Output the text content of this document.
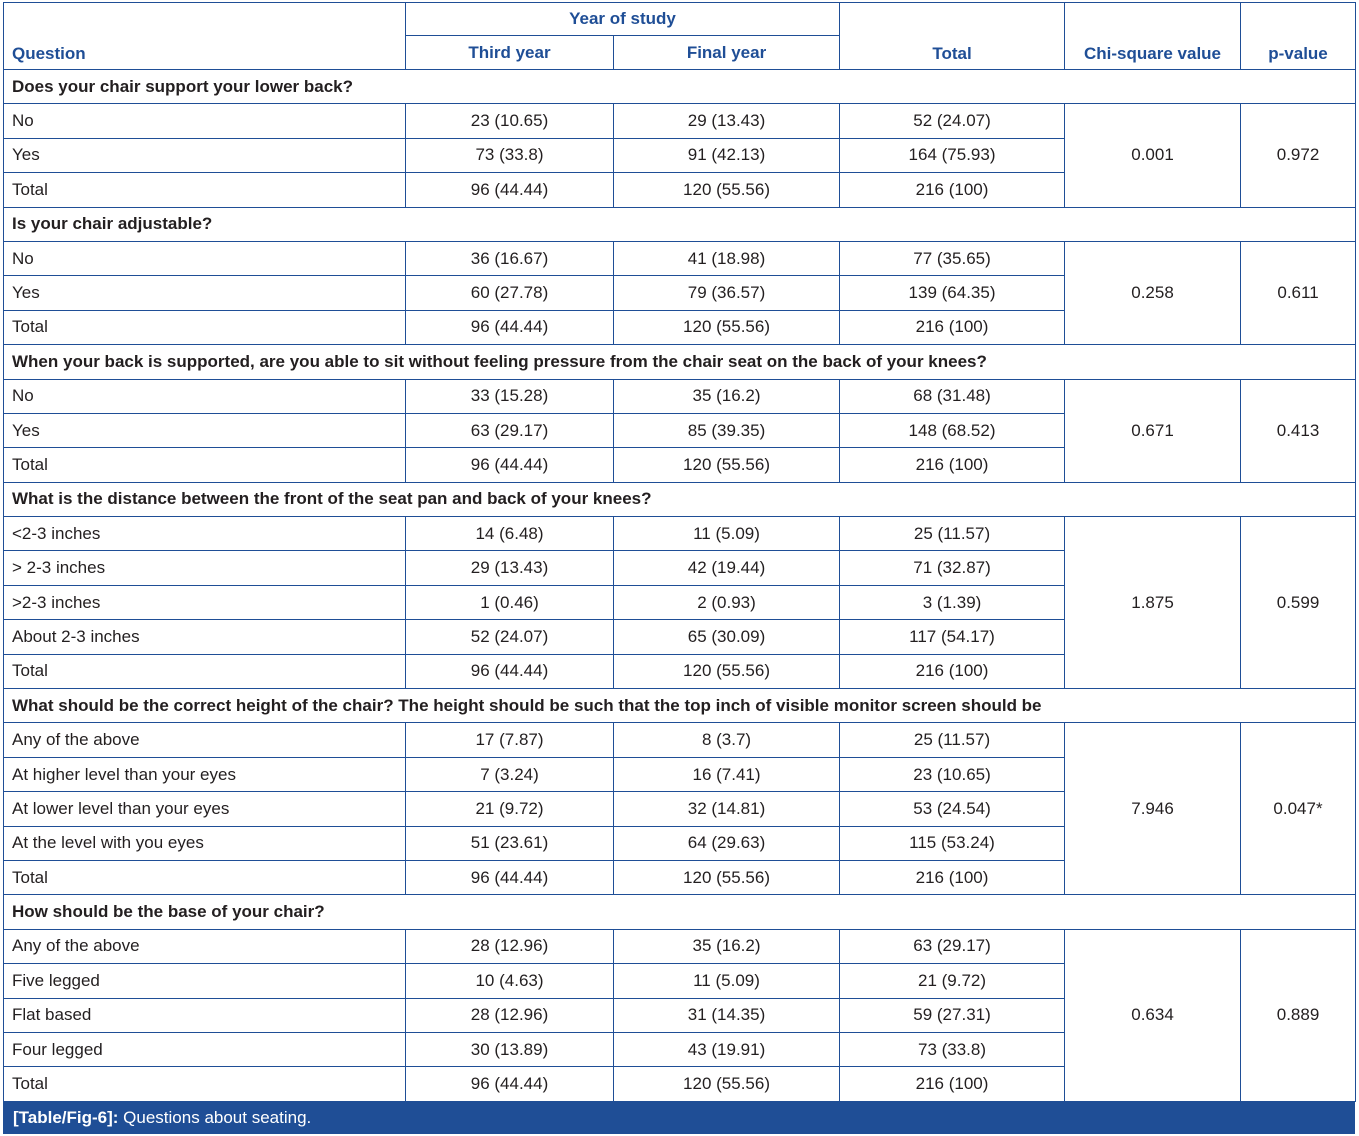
Question	Year of study		Total	Chi-square value	p-value
	Third year	Final year			
Does your chair support your lower back?					
No	23 (10.65)	29 (13.43)	52 (24.07)	0.001	0.972
Yes	73 (33.8)	91 (42.13)	164 (75.93)		
Total	96 (44.44)	120 (55.56)	216 (100)		
Is your chair adjustable?					
No	36 (16.67)	41 (18.98)	77 (35.65)	0.258	0.611
Yes	60 (27.78)	79 (36.57)	139 (64.35)		
Total	96 (44.44)	120 (55.56)	216 (100)		
When your back is supported, are you able to sit without feeling pressure from the chair seat on the back of your knees?					
No	33 (15.28)	35 (16.2)	68 (31.48)	0.671	0.413
Yes	63 (29.17)	85 (39.35)	148 (68.52)		
Total	96 (44.44)	120 (55.56)	216 (100)		
What is the distance between the front of the seat pan and back of your knees?					
<2-3 inches	14 (6.48)	11 (5.09)	25 (11.57)	1.875	0.599
> 2-3 inches	29 (13.43)	42 (19.44)	71 (32.87)		
>2-3 inches	1 (0.46)	2 (0.93)	3 (1.39)		
About 2-3 inches	52 (24.07)	65 (30.09)	117 (54.17)		
Total	96 (44.44)	120 (55.56)	216 (100)		
What should be the correct height of the chair? The height should be such that the top inch of visible monitor screen should be					
Any of the above	17 (7.87)	8 (3.7)	25 (11.57)	7.946	0.047*
At higher level than your eyes	7 (3.24)	16 (7.41)	23 (10.65)		
At lower level than your eyes	21 (9.72)	32 (14.81)	53 (24.54)		
At the level with you eyes	51 (23.61)	64 (29.63)	115 (53.24)		
Total	96 (44.44)	120 (55.56)	216 (100)		
How should be the base of your chair?					
Any of the above	28 (12.96)	35 (16.2)	63 (29.17)	0.634	0.889
Five legged	10 (4.63)	11 (5.09)	21 (9.72)		
Flat based	28 (12.96)	31 (14.35)	59 (27.31)		
Four legged	30 (13.89)	43 (19.91)	73 (33.8)		
Total	96 (44.44)	120 (55.56)	216 (100)		
[Table/Fig-6]: Questions about seating.
